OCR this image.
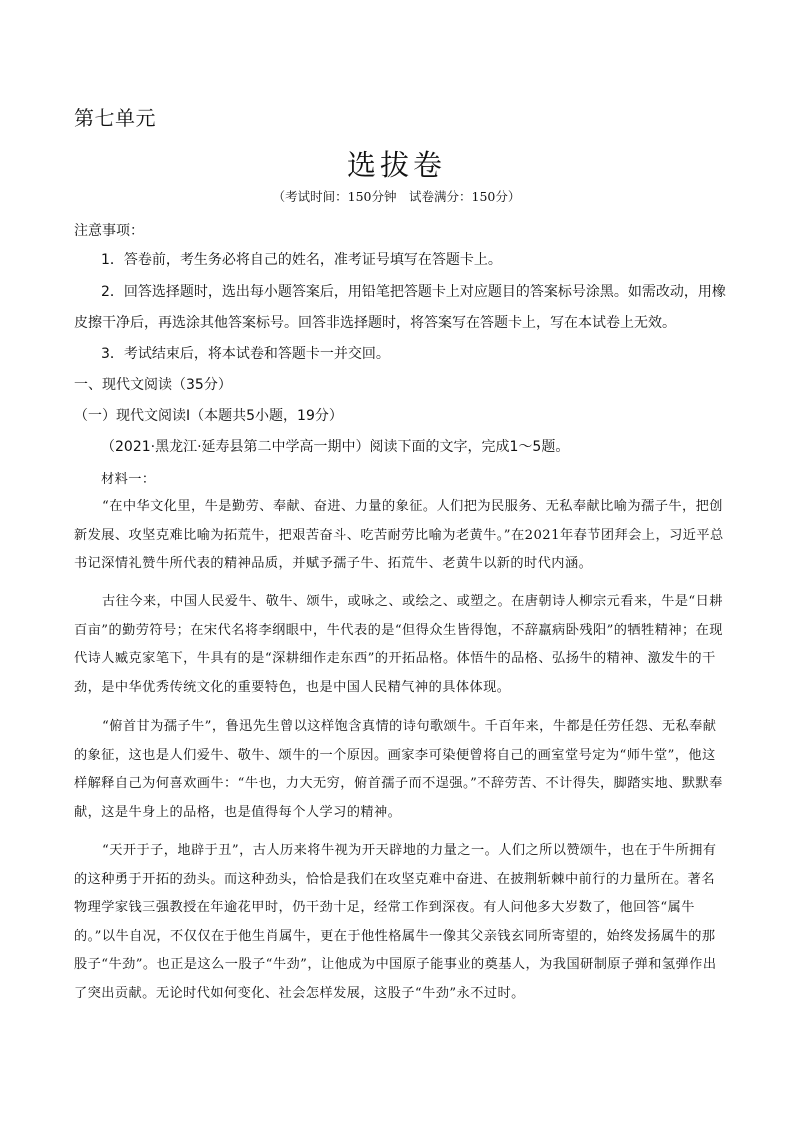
第七单元
选拔卷
（考试时间：150分钟　试卷满分：150分）
注意事项：
1．答卷前，考生务必将自己的姓名，准考证号填写在答题卡上。
2．回答选择题时，选出每小题答案后，用铅笔把答题卡上对应题目的答案标号涂黑。如需改动，用橡
皮擦干净后，再选涂其他答案标号。回答非选择题时，将答案写在答题卡上，写在本试卷上无效。
3．考试结束后，将本试卷和答题卡一并交回。
一、现代文阅读（35分）
（一）现代文阅读Ⅰ（本题共5小题，19分）
（2021·黑龙江·延寿县第二中学高一期中）阅读下面的文字，完成1～5题。
材料一：
“在中华文化里，牛是勤劳、奉献、奋进、力量的象征。人们把为民服务、无私奉献比喻为孺子牛，把创新发展、攻坚克难比喻为拓荒牛，把艰苦奋斗、吃苦耐劳比喻为老黄牛。”在2021年春节团拜会上，习近平总书记深情礼赞牛所代表的精神品质，并赋予孺子牛、拓荒牛、老黄牛以新的时代内涵。
古往今来，中国人民爱牛、敬牛、颂牛，或咏之、或绘之、或塑之。在唐朝诗人柳宗元看来，牛是“日耕百亩”的勤劳符号；在宋代名将李纲眼中，牛代表的是“但得众生皆得饱，不辞羸病卧残阳”的牺牲精神；在现代诗人臧克家笔下，牛具有的是“深耕细作走东西”的开拓品格。体悟牛的品格、弘扬牛的精神、激发牛的干劲，是中华优秀传统文化的重要特色，也是中国人民精气神的具体体现。
“俯首甘为孺子牛”，鲁迅先生曾以这样饱含真情的诗句歌颂牛。千百年来，牛都是任劳任怨、无私奉献的象征，这也是人们爱牛、敬牛、颂牛的一个原因。画家李可染便曾将自己的画室堂号定为“师牛堂”，他这样解释自己为何喜欢画牛：“牛也，力大无穷，俯首孺子而不逞强。”不辞劳苦、不计得失，脚踏实地、默默奉献，这是牛身上的品格，也是值得每个人学习的精神。
“天开于子，地辟于丑”，古人历来将牛视为开天辟地的力量之一。人们之所以赞颂牛，也在于牛所拥有的这种勇于开拓的劲头。而这种劲头，恰恰是我们在攻坚克难中奋进、在披荆斩棘中前行的力量所在。著名物理学家钱三强教授在年逾花甲时，仍干劲十足，经常工作到深夜。有人问他多大岁数了，他回答“属牛的。”以牛自况，不仅仅在于他生肖属牛，更在于他性格属牛一像其父亲钱玄同所寄望的，始终发扬属牛的那股子“牛劲”。也正是这么一股子“牛劲”，让他成为中国原子能事业的奠基人，为我国研制原子弹和氢弹作出了突出贡献。无论时代如何变化、社会怎样发展，这股子“牛劲”永不过时。
